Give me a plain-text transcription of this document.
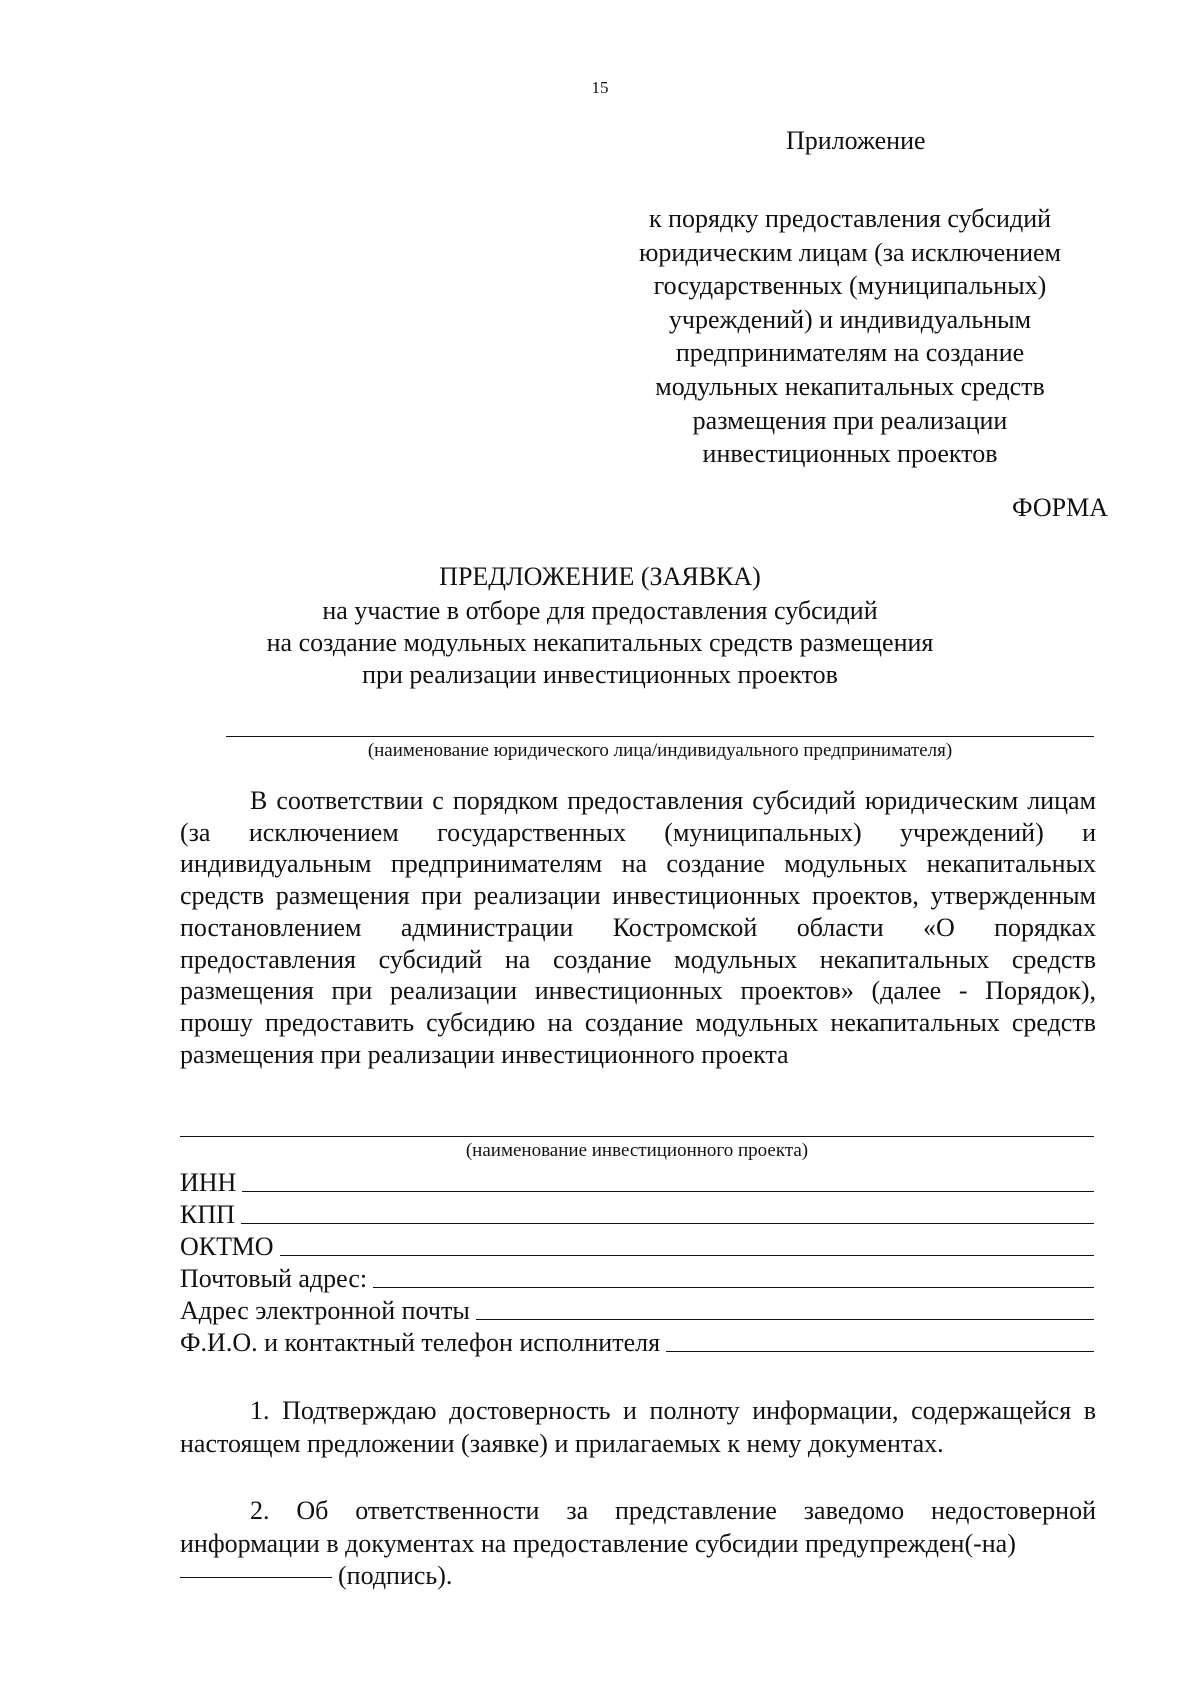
15
Приложение
к порядку предоставления субсидий
юридическим лицам (за исключением
государственных (муниципальных)
учреждений) и индивидуальным
предпринимателям на создание
модульных некапитальных средств
размещения при реализации
инвестиционных проектов
ФОРМА
ПРЕДЛОЖЕНИЕ (ЗАЯВКА)
на участие в отборе для предоставления субсидий
на создание модульных некапитальных средств размещения
при реализации инвестиционных проектов
(наименование юридического лица/индивидуального предпринимателя)
В соответствии с порядком предоставления субсидий юридическим лицам (за исключением государственных (муниципальных) учреждений) и индивидуальным предпринимателям на создание модульных некапитальных средств размещения при реализации инвестиционных проектов, утвержденным постановлением администрации Костромской области «О порядках предоставления субсидий на создание модульных некапитальных средств размещения при реализации инвестиционных проектов» (далее - Порядок), прошу предоставить субсидию на создание модульных некапитальных средств размещения при реализации инвестиционного проекта
(наименование инвестиционного проекта)
ИНН
КПП
ОКТМО
Почтовый адрес:
Адрес электронной почты
Ф.И.О. и контактный телефон исполнителя
1. Подтверждаю достоверность и полноту информации, содержащейся в настоящем предложении (заявке) и прилагаемых к нему документах.
2. Об ответственности за представление заведомо недостоверной информации в документах на предоставление субсидии предупрежден(-на)
(подпись).
